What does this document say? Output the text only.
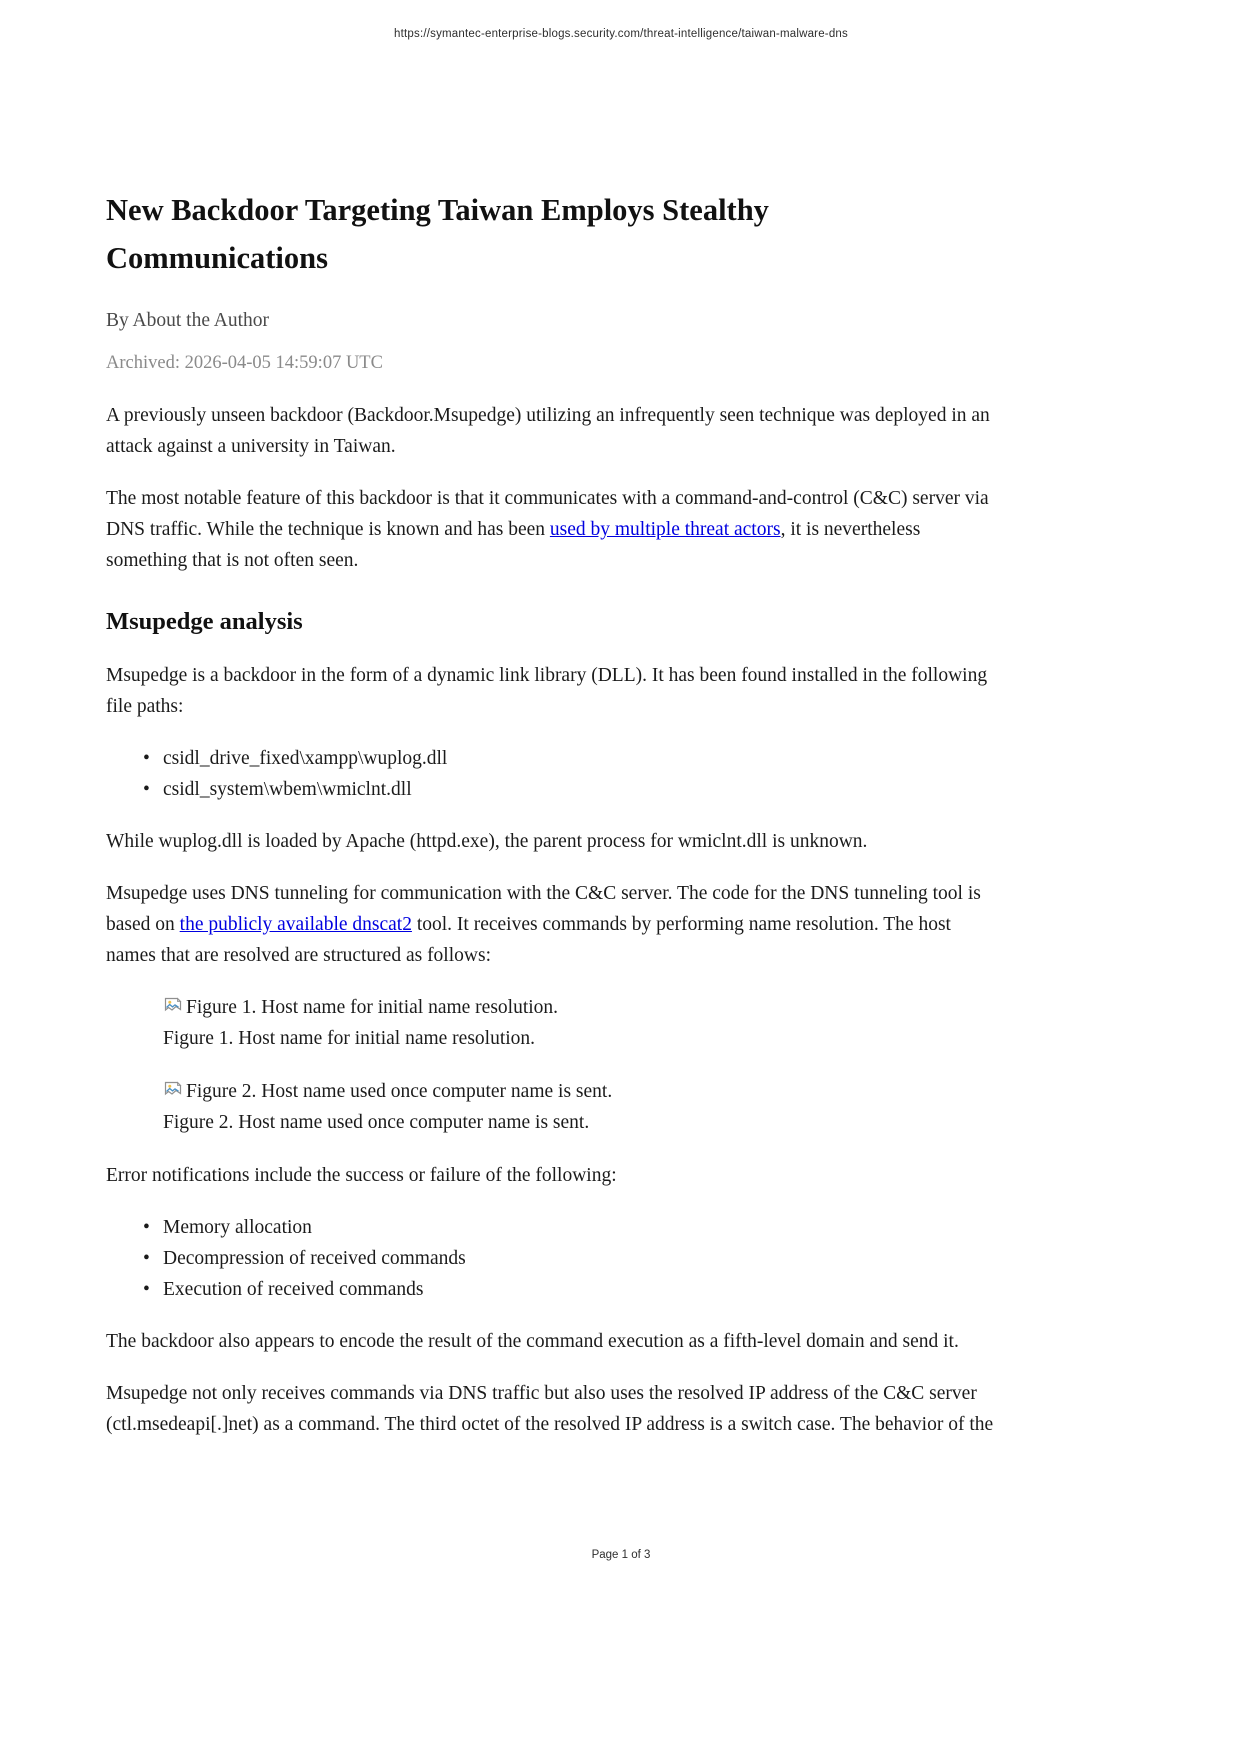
https://symantec-enterprise-blogs.security.com/threat-intelligence/taiwan-malware-dns
New Backdoor Targeting Taiwan Employs Stealthy Communications

By About the Author

Archived: 2026-04-05 14:59:07 UTC

A previously unseen backdoor (Backdoor.Msupedge) utilizing an infrequently seen technique was deployed in an attack against a university in Taiwan.

The most notable feature of this backdoor is that it communicates with a command-and-control (C&C) server via DNS traffic. While the technique is known and has been used by multiple threat actors, it is nevertheless something that is not often seen.

Msupedge analysis

Msupedge is a backdoor in the form of a dynamic link library (DLL). It has been found installed in the following file paths:

• csidl_drive_fixed\xampp\wuplog.dll
• csidl_system\wbem\wmiclnt.dll

While wuplog.dll is loaded by Apache (httpd.exe), the parent process for wmiclnt.dll is unknown.

Msupedge uses DNS tunneling for communication with the C&C server. The code for the DNS tunneling tool is based on the publicly available dnscat2 tool. It receives commands by performing name resolution. The host names that are resolved are structured as follows:

Figure 1. Host name for initial name resolution.
Figure 1. Host name for initial name resolution.
Figure 2. Host name used once computer name is sent.
Figure 2. Host name used once computer name is sent.

Error notifications include the success or failure of the following:

• Memory allocation
• Decompression of received commands
• Execution of received commands

The backdoor also appears to encode the result of the command execution as a fifth-level domain and send it.

Msupedge not only receives commands via DNS traffic but also uses the resolved IP address of the C&C server (ctl.msedeapi[.]net) as a command. The third octet of the resolved IP address is a switch case. The behavior of the

Page 1 of 3
